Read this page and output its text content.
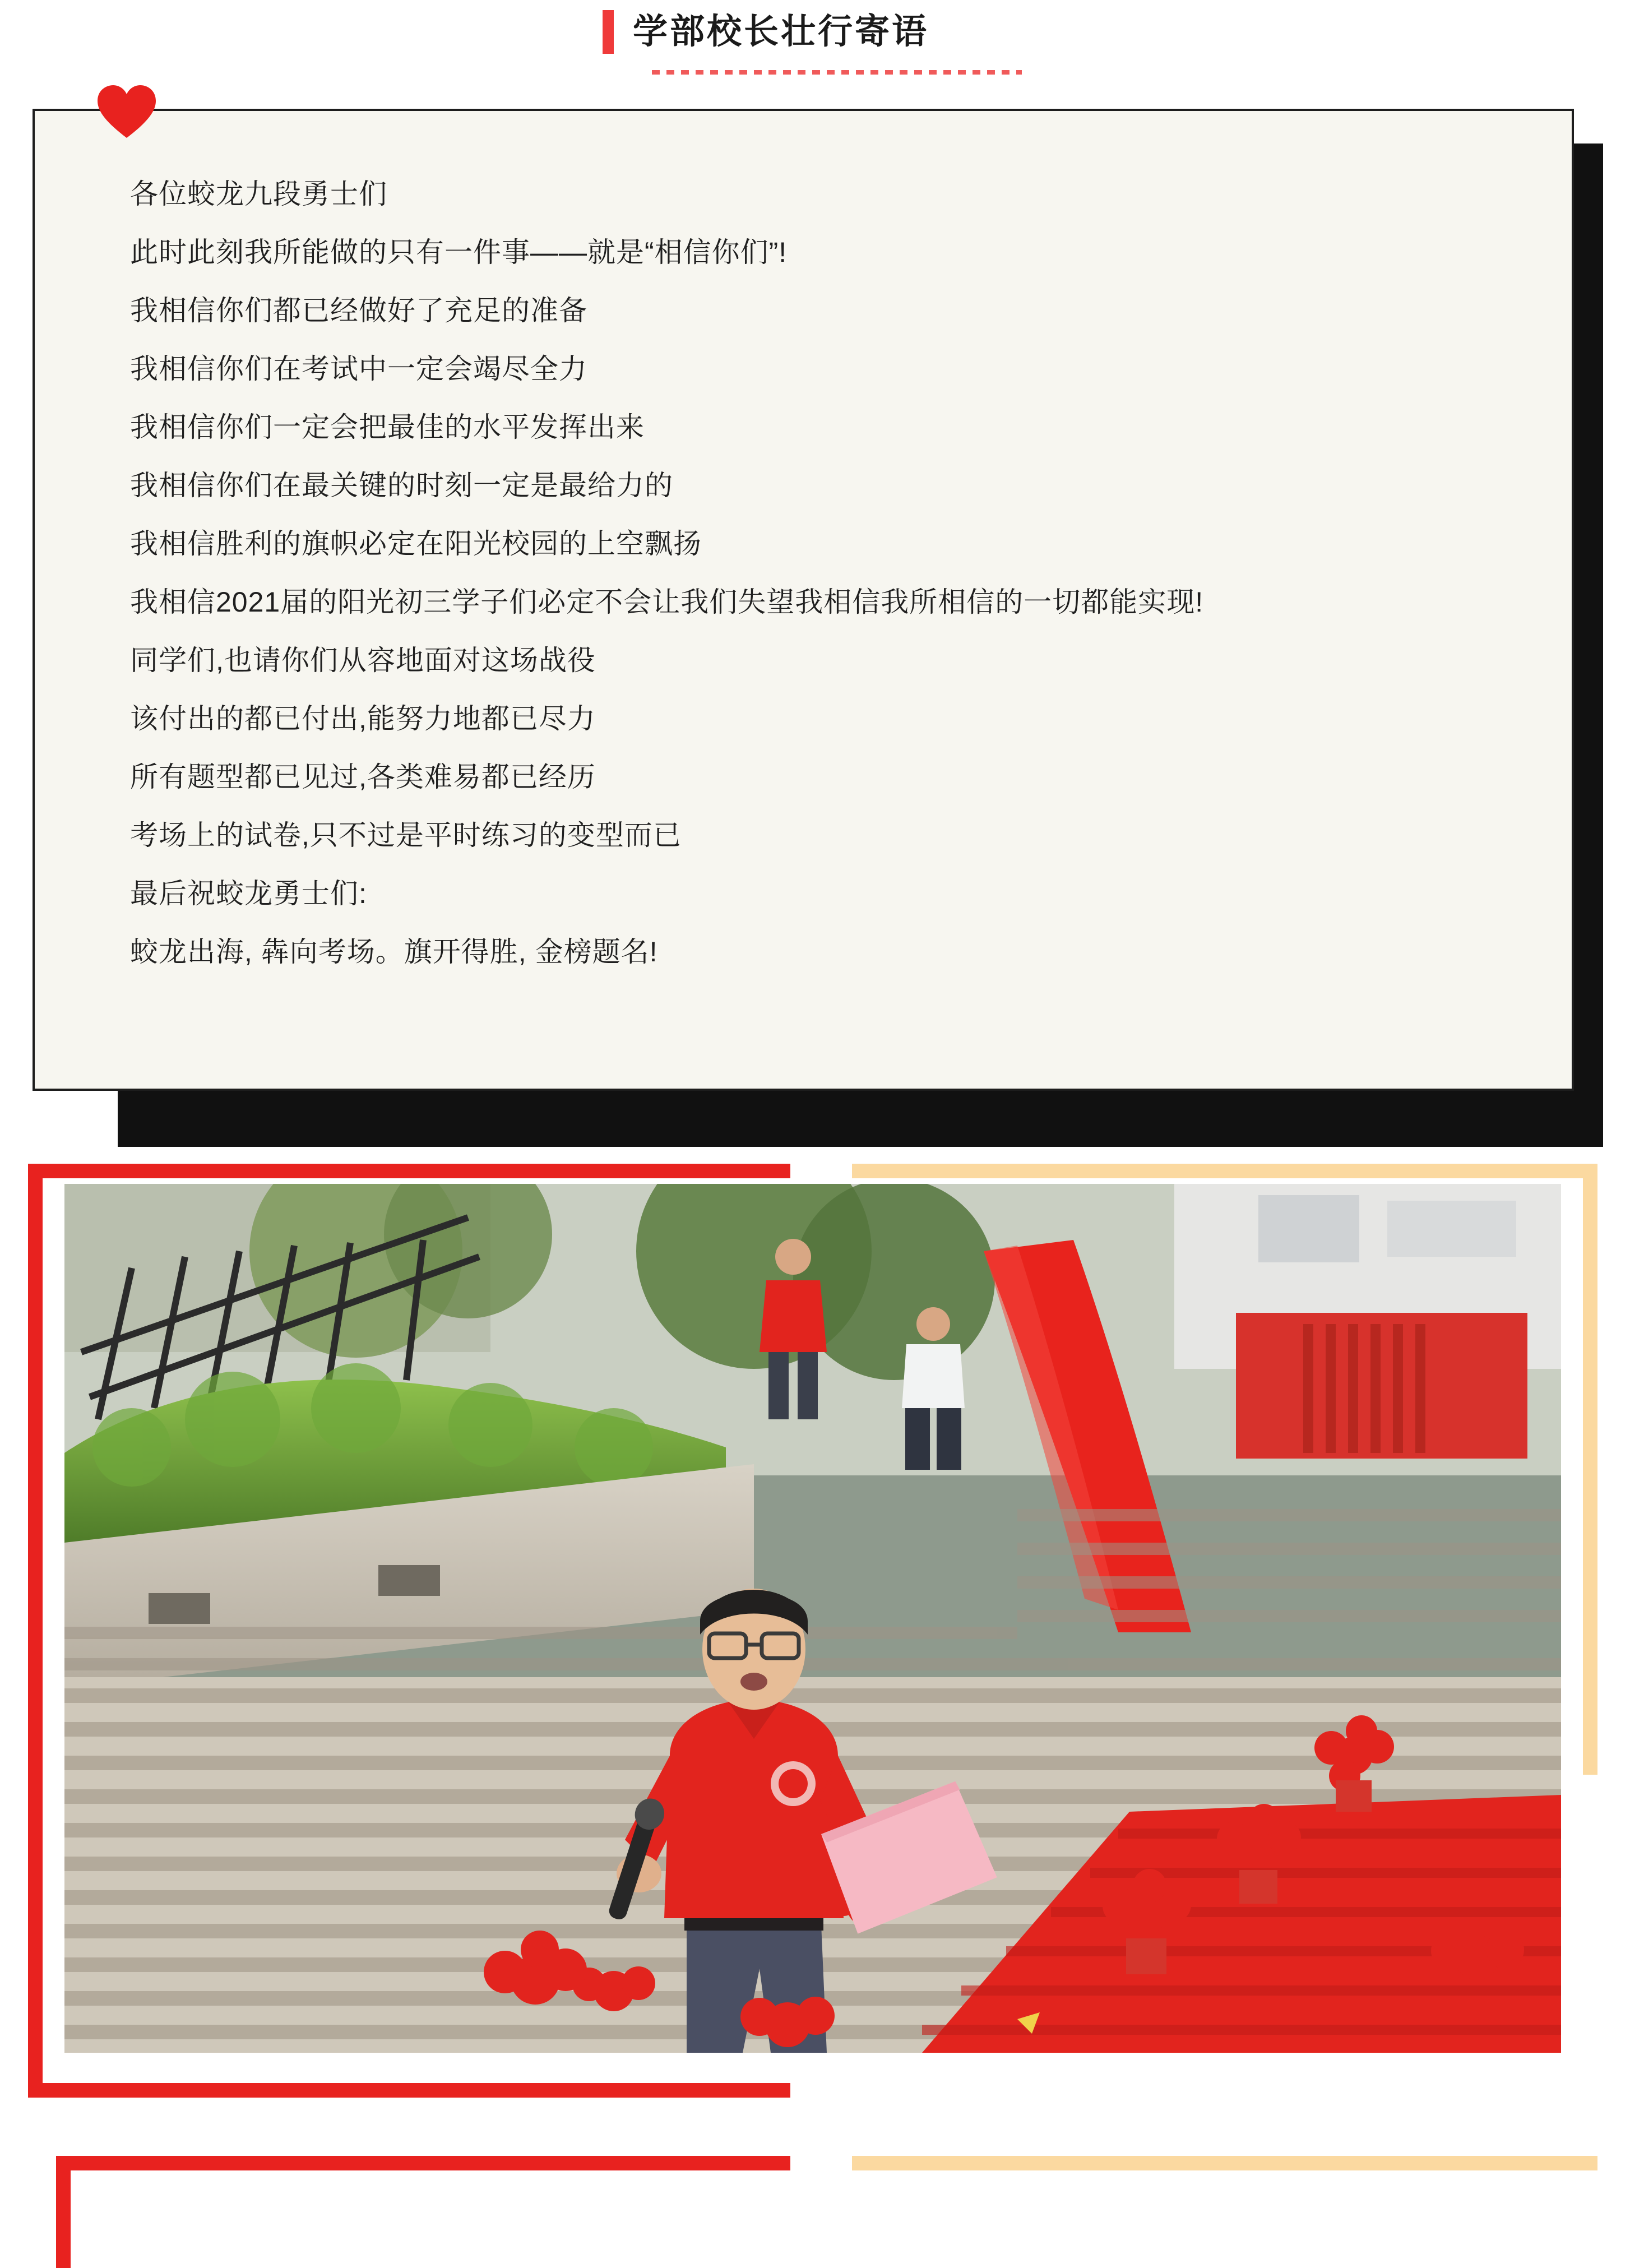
学部校长壮行寄语
各位蛟龙九段勇士们
此时此刻我所能做的只有一件事——就是“相信你们”!
我相信你们都已经做好了充足的准备
我相信你们在考试中一定会竭尽全力
我相信你们一定会把最佳的水平发挥出来
我相信你们在最关键的时刻一定是最给力的
我相信胜利的旗帜必定在阳光校园的上空飘扬
我相信2021届的阳光初三学子们必定不会让我们失望我相信我所相信的一切都能实现!
同学们,也请你们从容地面对这场战役
该付出的都已付出,能努力地都已尽力
所有题型都已见过,各类难易都已经历
考场上的试卷,只不过是平时练习的变型而已
最后祝蛟龙勇士们:
蛟龙出海, 犇向考场。旗开得胜, 金榜题名!
